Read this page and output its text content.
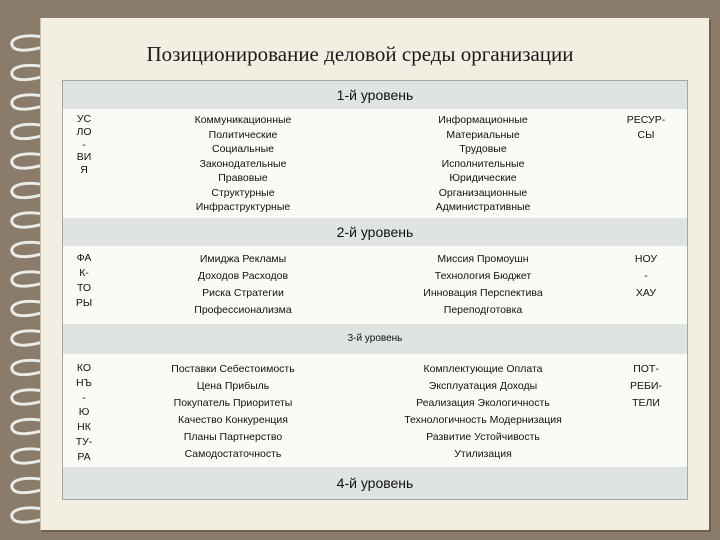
Позиционирование деловой среды организации
1-й уровень
УС
ЛО
-
ВИ
Я
Коммуникационные
Политические
Социальные
Законодательные
Правовые
Структурные
Инфраструктурные
Информационные
Материальные
Трудовые
Исполнительные
Юридические
Организационные
Административные
РЕСУР-
СЫ
2-й уровень
ФА
К-
ТО
РЫ
Имиджа Рекламы
Доходов Расходов
Риска Стратегии
Профессионализма
Миссия Промоушн
Технология Бюджет
Инновация Перспектива
Переподготовка
НОУ
-
ХАУ
3-й уровень
КО
НЪ
-
Ю
НК
ТУ-
РА
Поставки Себестоимость
Цена Прибыль
Покупатель Приоритеты
Качество Конкуренция
Планы Партнерство
Самодостаточность
Комплектующие Оплата
Эксплуатация Доходы
Реализация Экологичность
Технологичность Модернизация
Развитие Устойчивость
Утилизация
ПОТ-
РЕБИ-
ТЕЛИ
4-й уровень
